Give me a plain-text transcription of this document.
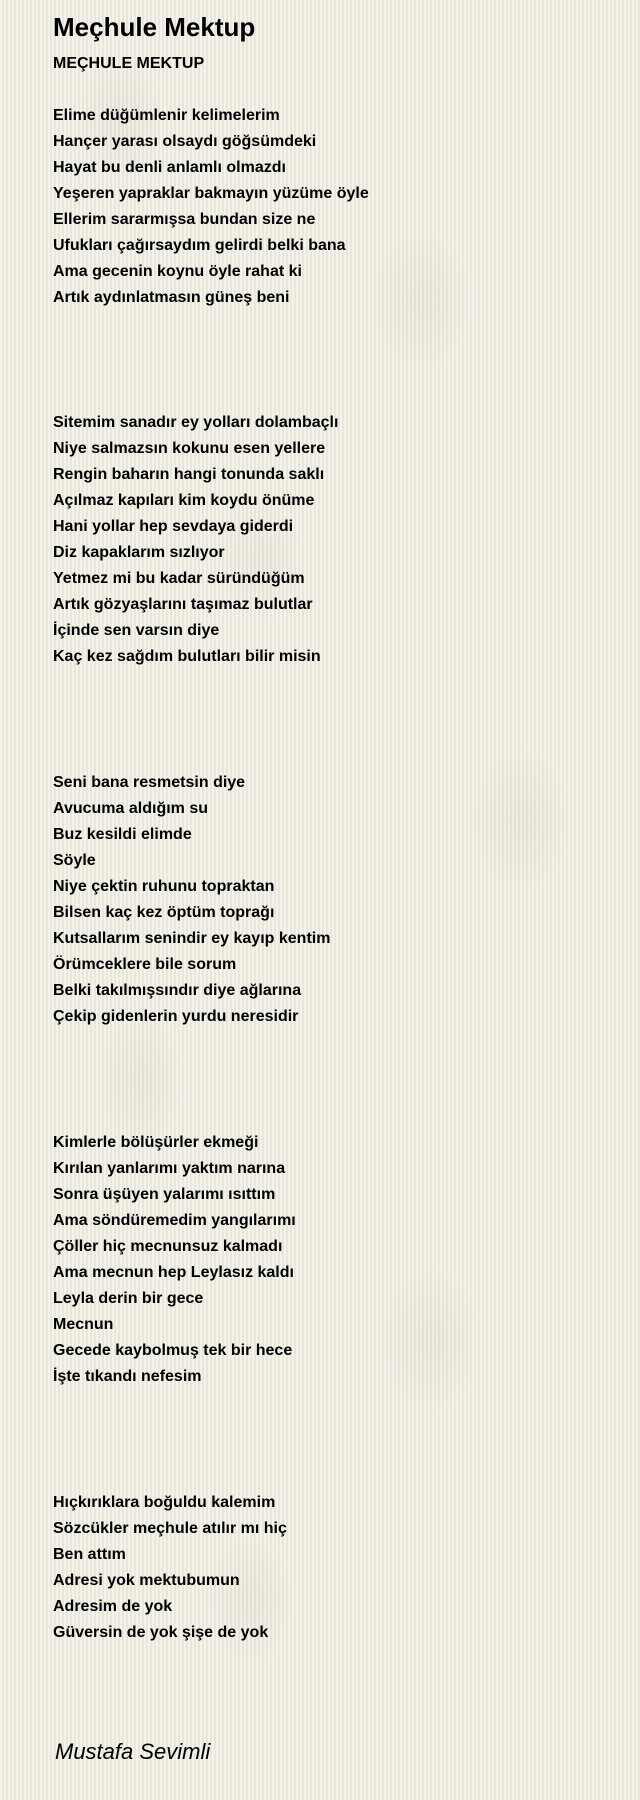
Meçhule Mektup
MEÇHULE MEKTUP
Elime düğümlenir kelimelerim
Hançer yarası olsaydı göğsümdeki
Hayat bu denli anlamlı olmazdı
Yeşeren yapraklar bakmayın yüzüme öyle
Ellerim sararmışsa bundan size ne
Ufukları çağırsaydım gelirdi belki bana
Ama gecenin koynu öyle rahat ki
Artık aydınlatmasın güneş beni
Sitemim sanadır ey yolları dolambaçlı
Niye salmazsın kokunu esen yellere
Rengin baharın hangi tonunda saklı
Açılmaz kapıları kim koydu önüme
Hani yollar hep sevdaya giderdi
Diz kapaklarım sızlıyor
Yetmez mi bu kadar süründüğüm
Artık gözyaşlarını taşımaz bulutlar
İçinde sen varsın diye
Kaç kez sağdım bulutları bilir misin
Seni bana resmetsin diye
Avucuma aldığım su
Buz kesildi elimde
Söyle
Niye çektin ruhunu topraktan
Bilsen kaç kez öptüm toprağı
Kutsallarım senindir ey kayıp kentim
Örümceklere bile sorum
Belki takılmışsındır diye ağlarına
Çekip gidenlerin yurdu neresidir
Kimlerle bölüşürler ekmeği
Kırılan yanlarımı yaktım narına
Sonra üşüyen yalarımı ısıttım
Ama söndüremedim yangılarımı
Çöller hiç mecnunsuz kalmadı
Ama mecnun hep Leylasız kaldı
Leyla derin bir gece
Mecnun
Gecede kaybolmuş tek bir hece
İşte tıkandı nefesim
Hıçkırıklara boğuldu kalemim
Sözcükler meçhule atılır mı hiç
Ben attım
Adresi yok mektubumun
Adresim de yok
Güversin de yok şişe de yok
Mustafa Sevimli
